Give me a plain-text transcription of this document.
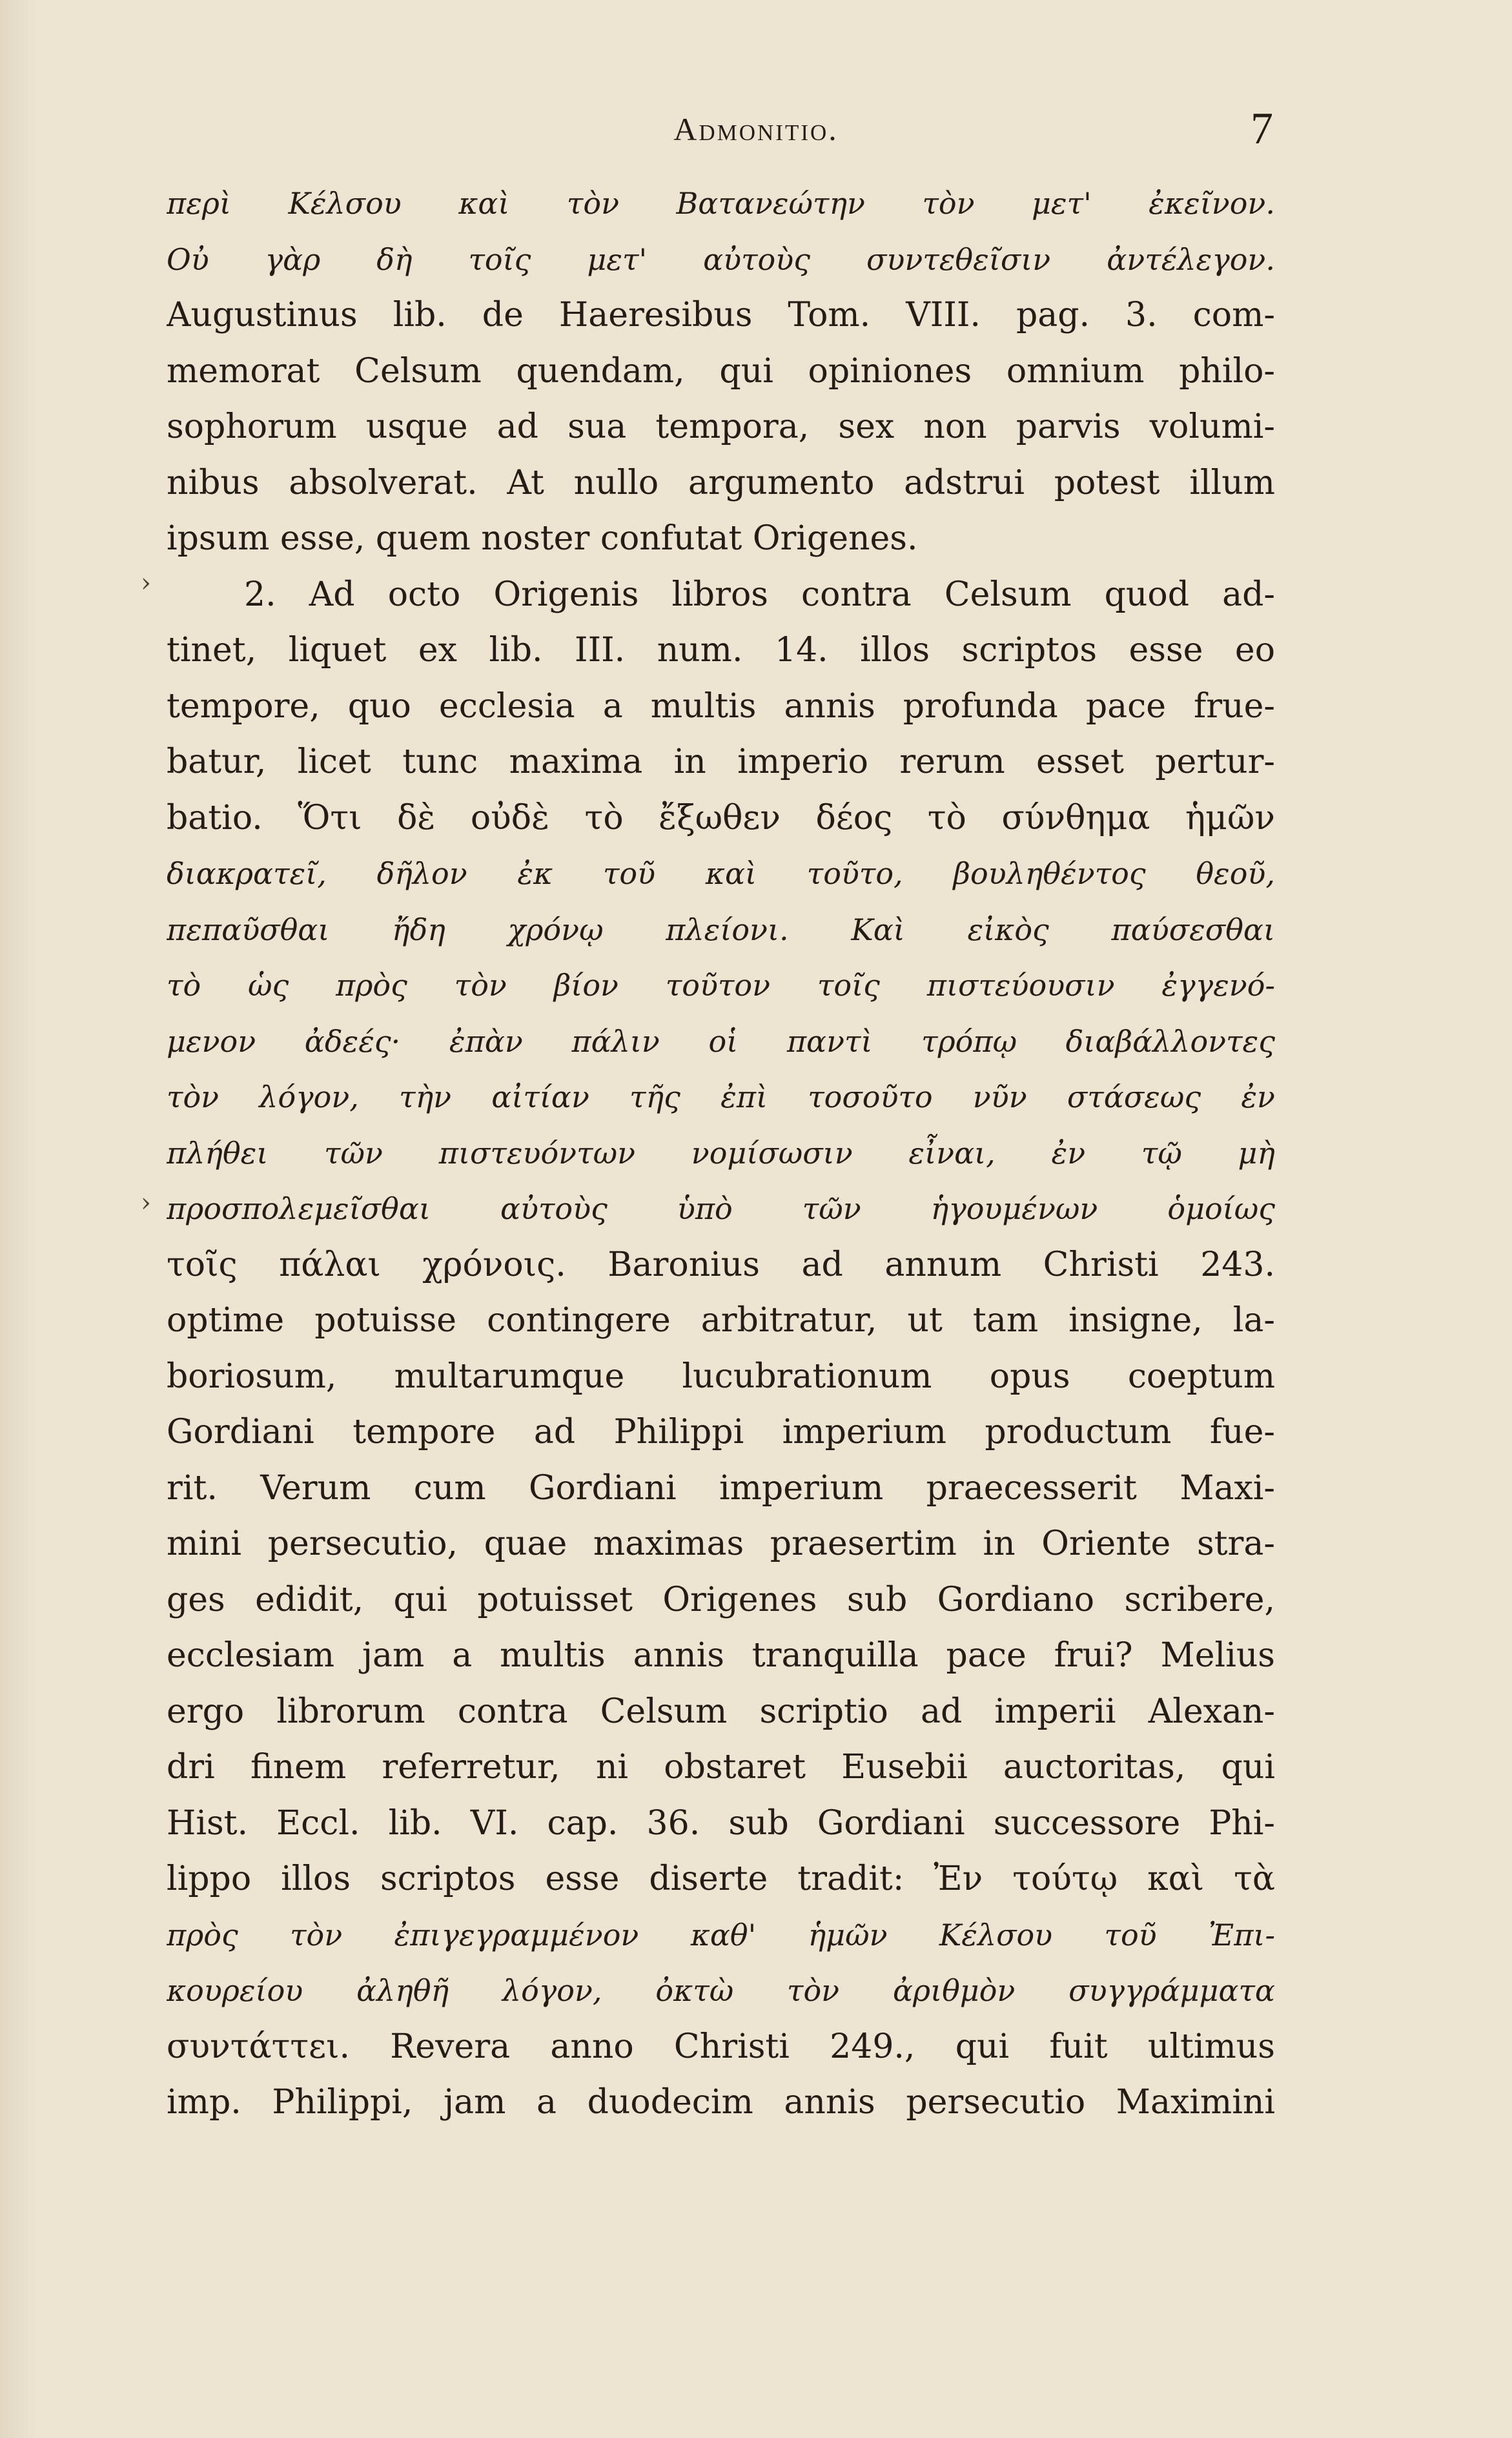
Admonitio.	7
›
›
περὶ Κέλσου καὶ τὸν Βατανεώτην τὸν μετ' ἐκεῖνον.
Οὐ γὰρ δὴ τοῖς μετ' αὐτοὺς συντεθεῖσιν ἀντέλεγον.
Augustinus lib. de Haeresibus Tom. VIII. pag. 3. com-
memorat Celsum quendam, qui opiniones omnium philo-
sophorum usque ad sua tempora, sex non parvis volumi-
nibus absolverat. At nullo argumento adstrui potest illum
ipsum esse, quem noster confutat Origenes.
2. Ad octo Origenis libros contra Celsum quod ad-
tinet, liquet ex lib. III. num. 14. illos scriptos esse eo
tempore, quo ecclesia a multis annis profunda pace frue-
batur, licet tunc maxima in imperio rerum esset pertur-
batio. Ὅτι δὲ οὐδὲ τὸ ἔξωθεν δέος τὸ σύνθημα ἡμῶν
διακρατεῖ, δῆλον ἐκ τοῦ καὶ τοῦτο, βουληθέντος θεοῦ,
πεπαῦσθαι ἤδη χρόνῳ πλείονι. Καὶ εἰκὸς παύσεσθαι
τὸ ὡς πρὸς τὸν βίον τοῦτον τοῖς πιστεύουσιν ἐγγενό-
μενον ἀδεές· ἐπὰν πάλιν οἱ παντὶ τρόπῳ διαβάλλοντες
τὸν λόγον, τὴν αἰτίαν τῆς ἐπὶ τοσοῦτο νῦν στάσεως ἐν
πλήθει τῶν πιστευόντων νομίσωσιν εἶναι, ἐν τῷ μὴ
προσπολεμεῖσθαι αὐτοὺς ὑπὸ τῶν ἡγουμένων ὁμοίως
τοῖς πάλαι χρόνοις. Baronius ad annum Christi 243.
optime potuisse contingere arbitratur, ut tam insigne, la-
boriosum, multarumque lucubrationum opus coeptum
Gordiani tempore ad Philippi imperium productum fue-
rit. Verum cum Gordiani imperium praecesserit Maxi-
mini persecutio, quae maximas praesertim in Oriente stra-
ges edidit, qui potuisset Origenes sub Gordiano scribere,
ecclesiam jam a multis annis tranquilla pace frui? Melius
ergo librorum contra Celsum scriptio ad imperii Alexan-
dri finem referretur, ni obstaret Eusebii auctoritas, qui
Hist. Eccl. lib. VI. cap. 36. sub Gordiani successore Phi-
lippo illos scriptos esse diserte tradit: Ἐν τούτῳ καὶ τὰ
πρὸς τὸν ἐπιγεγραμμένον καθ' ἡμῶν Κέλσου τοῦ Ἐπι-
κουρείου ἀληθῆ λόγον, ὀκτὼ τὸν ἀριθμὸν συγγράμματα
συντάττει. Revera anno Christi 249., qui fuit ultimus
imp. Philippi, jam a duodecim annis persecutio Maximini
